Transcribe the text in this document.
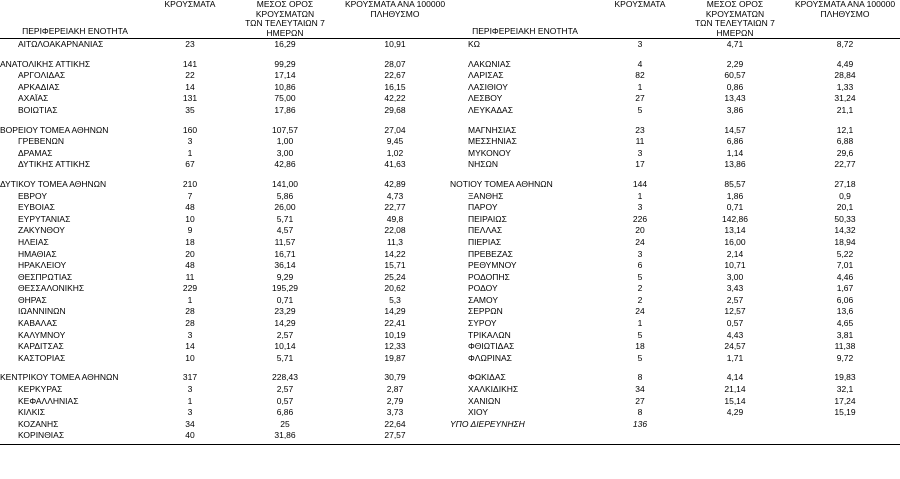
ΠΕΡΙΦΕΡΕΙΑΚΗ ΕΝΟΤΗΤΑ	ΚΡΟΥΣΜΑΤΑ	ΜΕΣΟΣ ΟΡΟΣ ΚΡΟΥΣΜΑΤΩΝ
ΤΩΝ ΤΕΛΕΥΤΑΙΩΝ 7
ΗΜΕΡΩΝ	ΚΡΟΥΣΜΑΤΑ ΑΝΑ 100000
ΠΛΗΘΥΣΜΟ	ΠΕΡΙΦΕΡΕΙΑΚΗ ΕΝΟΤΗΤΑ	ΚΡΟΥΣΜΑΤΑ	ΜΕΣΟΣ ΟΡΟΣ ΚΡΟΥΣΜΑΤΩΝ
ΤΩΝ ΤΕΛΕΥΤΑΙΩΝ 7
ΗΜΕΡΩΝ	ΚΡΟΥΣΜΑΤΑ ΑΝΑ 100000
ΠΛΗΘΥΣΜΟ

ΑΙΤΩΛΟΑΚΑΡΝΑΝΙΑΣ	23	16,29	10,91	ΚΩ	3	4,71	8,72

ΑΝΑΤΟΛΙΚΗΣ ΑΤΤΙΚΗΣ	141	99,29	28,07	ΛΑΚΩΝΙΑΣ	4	2,29	4,49
ΑΡΓΟΛΙΔΑΣ	22	17,14	22,67	ΛΑΡΙΣΑΣ	82	60,57	28,84
ΑΡΚΑΔΙΑΣ	14	10,86	16,15	ΛΑΣΙΘΙΟΥ	1	0,86	1,33
ΑΧΑΪΑΣ	131	75,00	42,22	ΛΕΣΒΟΥ	27	13,43	31,24
ΒΟΙΩΤΙΑΣ	35	17,86	29,68	ΛΕΥΚΑΔΑΣ	5	3,86	21,1

ΒΟΡΕΙΟΥ ΤΟΜΕΑ ΑΘΗΝΩΝ	160	107,57	27,04	ΜΑΓΝΗΣΙΑΣ	23	14,57	12,1
ΓΡΕΒΕΝΩΝ	3	1,00	9,45	ΜΕΣΣΗΝΙΑΣ	11	6,86	6,88
ΔΡΑΜΑΣ	1	3,00	1,02	ΜΥΚΟΝΟΥ	3	1,14	29,6
ΔΥΤΙΚΗΣ ΑΤΤΙΚΗΣ	67	42,86	41,63	ΝΗΣΩΝ	17	13,86	22,77

ΔΥΤΙΚΟΥ ΤΟΜΕΑ ΑΘΗΝΩΝ	210	141,00	42,89	ΝΟΤΙΟΥ ΤΟΜΕΑ ΑΘΗΝΩΝ	144	85,57	27,18
ΕΒΡΟΥ	7	5,86	4,73	ΞΑΝΘΗΣ	1	1,86	0,9
ΕΥΒΟΙΑΣ	48	26,00	22,77	ΠΑΡΟΥ	3	0,71	20,1
ΕΥΡΥΤΑΝΙΑΣ	10	5,71	49,8	ΠΕΙΡΑΙΩΣ	226	142,86	50,33
ΖΑΚΥΝΘΟΥ	9	4,57	22,08	ΠΕΛΛΑΣ	20	13,14	14,32
ΗΛΕΙΑΣ	18	11,57	11,3	ΠΙΕΡΙΑΣ	24	16,00	18,94
ΗΜΑΘΙΑΣ	20	16,71	14,22	ΠΡΕΒΕΖΑΣ	3	2,14	5,22
ΗΡΑΚΛΕΙΟΥ	48	36,14	15,71	ΡΕΘΥΜΝΟΥ	6	10,71	7,01
ΘΕΣΠΡΩΤΙΑΣ	11	9,29	25,24	ΡΟΔΟΠΗΣ	5	3,00	4,46
ΘΕΣΣΑΛΟΝΙΚΗΣ	229	195,29	20,62	ΡΟΔΟΥ	2	3,43	1,67
ΘΗΡΑΣ	1	0,71	5,3	ΣΑΜΟΥ	2	2,57	6,06
ΙΩΑΝΝΙΝΩΝ	28	23,29	14,29	ΣΕΡΡΩΝ	24	12,57	13,6
ΚΑΒΑΛΑΣ	28	14,29	22,41	ΣΥΡΟΥ	1	0,57	4,65
ΚΑΛΥΜΝΟΥ	3	2,57	10,19	ΤΡΙΚΑΛΩΝ	5	4,43	3,81
ΚΑΡΔΙΤΣΑΣ	14	10,14	12,33	ΦΘΙΩΤΙΔΑΣ	18	24,57	11,38
ΚΑΣΤΟΡΙΑΣ	10	5,71	19,87	ΦΛΩΡΙΝΑΣ	5	1,71	9,72

ΚΕΝΤΡΙΚΟΥ ΤΟΜΕΑ ΑΘΗΝΩΝ	317	228,43	30,79	ΦΩΚΙΔΑΣ	8	4,14	19,83
ΚΕΡΚΥΡΑΣ	3	2,57	2,87	ΧΑΛΚΙΔΙΚΗΣ	34	21,14	32,1
ΚΕΦΑΛΛΗΝΙΑΣ	1	0,57	2,79	ΧΑΝΙΩΝ	27	15,14	17,24
ΚΙΛΚΙΣ	3	6,86	3,73	ΧΙΟΥ	8	4,29	15,19
ΚΟΖΑΝΗΣ	34	25	22,64	ΥΠΟ ΔΙΕΡΕΥΝΗΣΗ	136		
ΚΟΡΙΝΘΙΑΣ	40	31,86	27,57				
